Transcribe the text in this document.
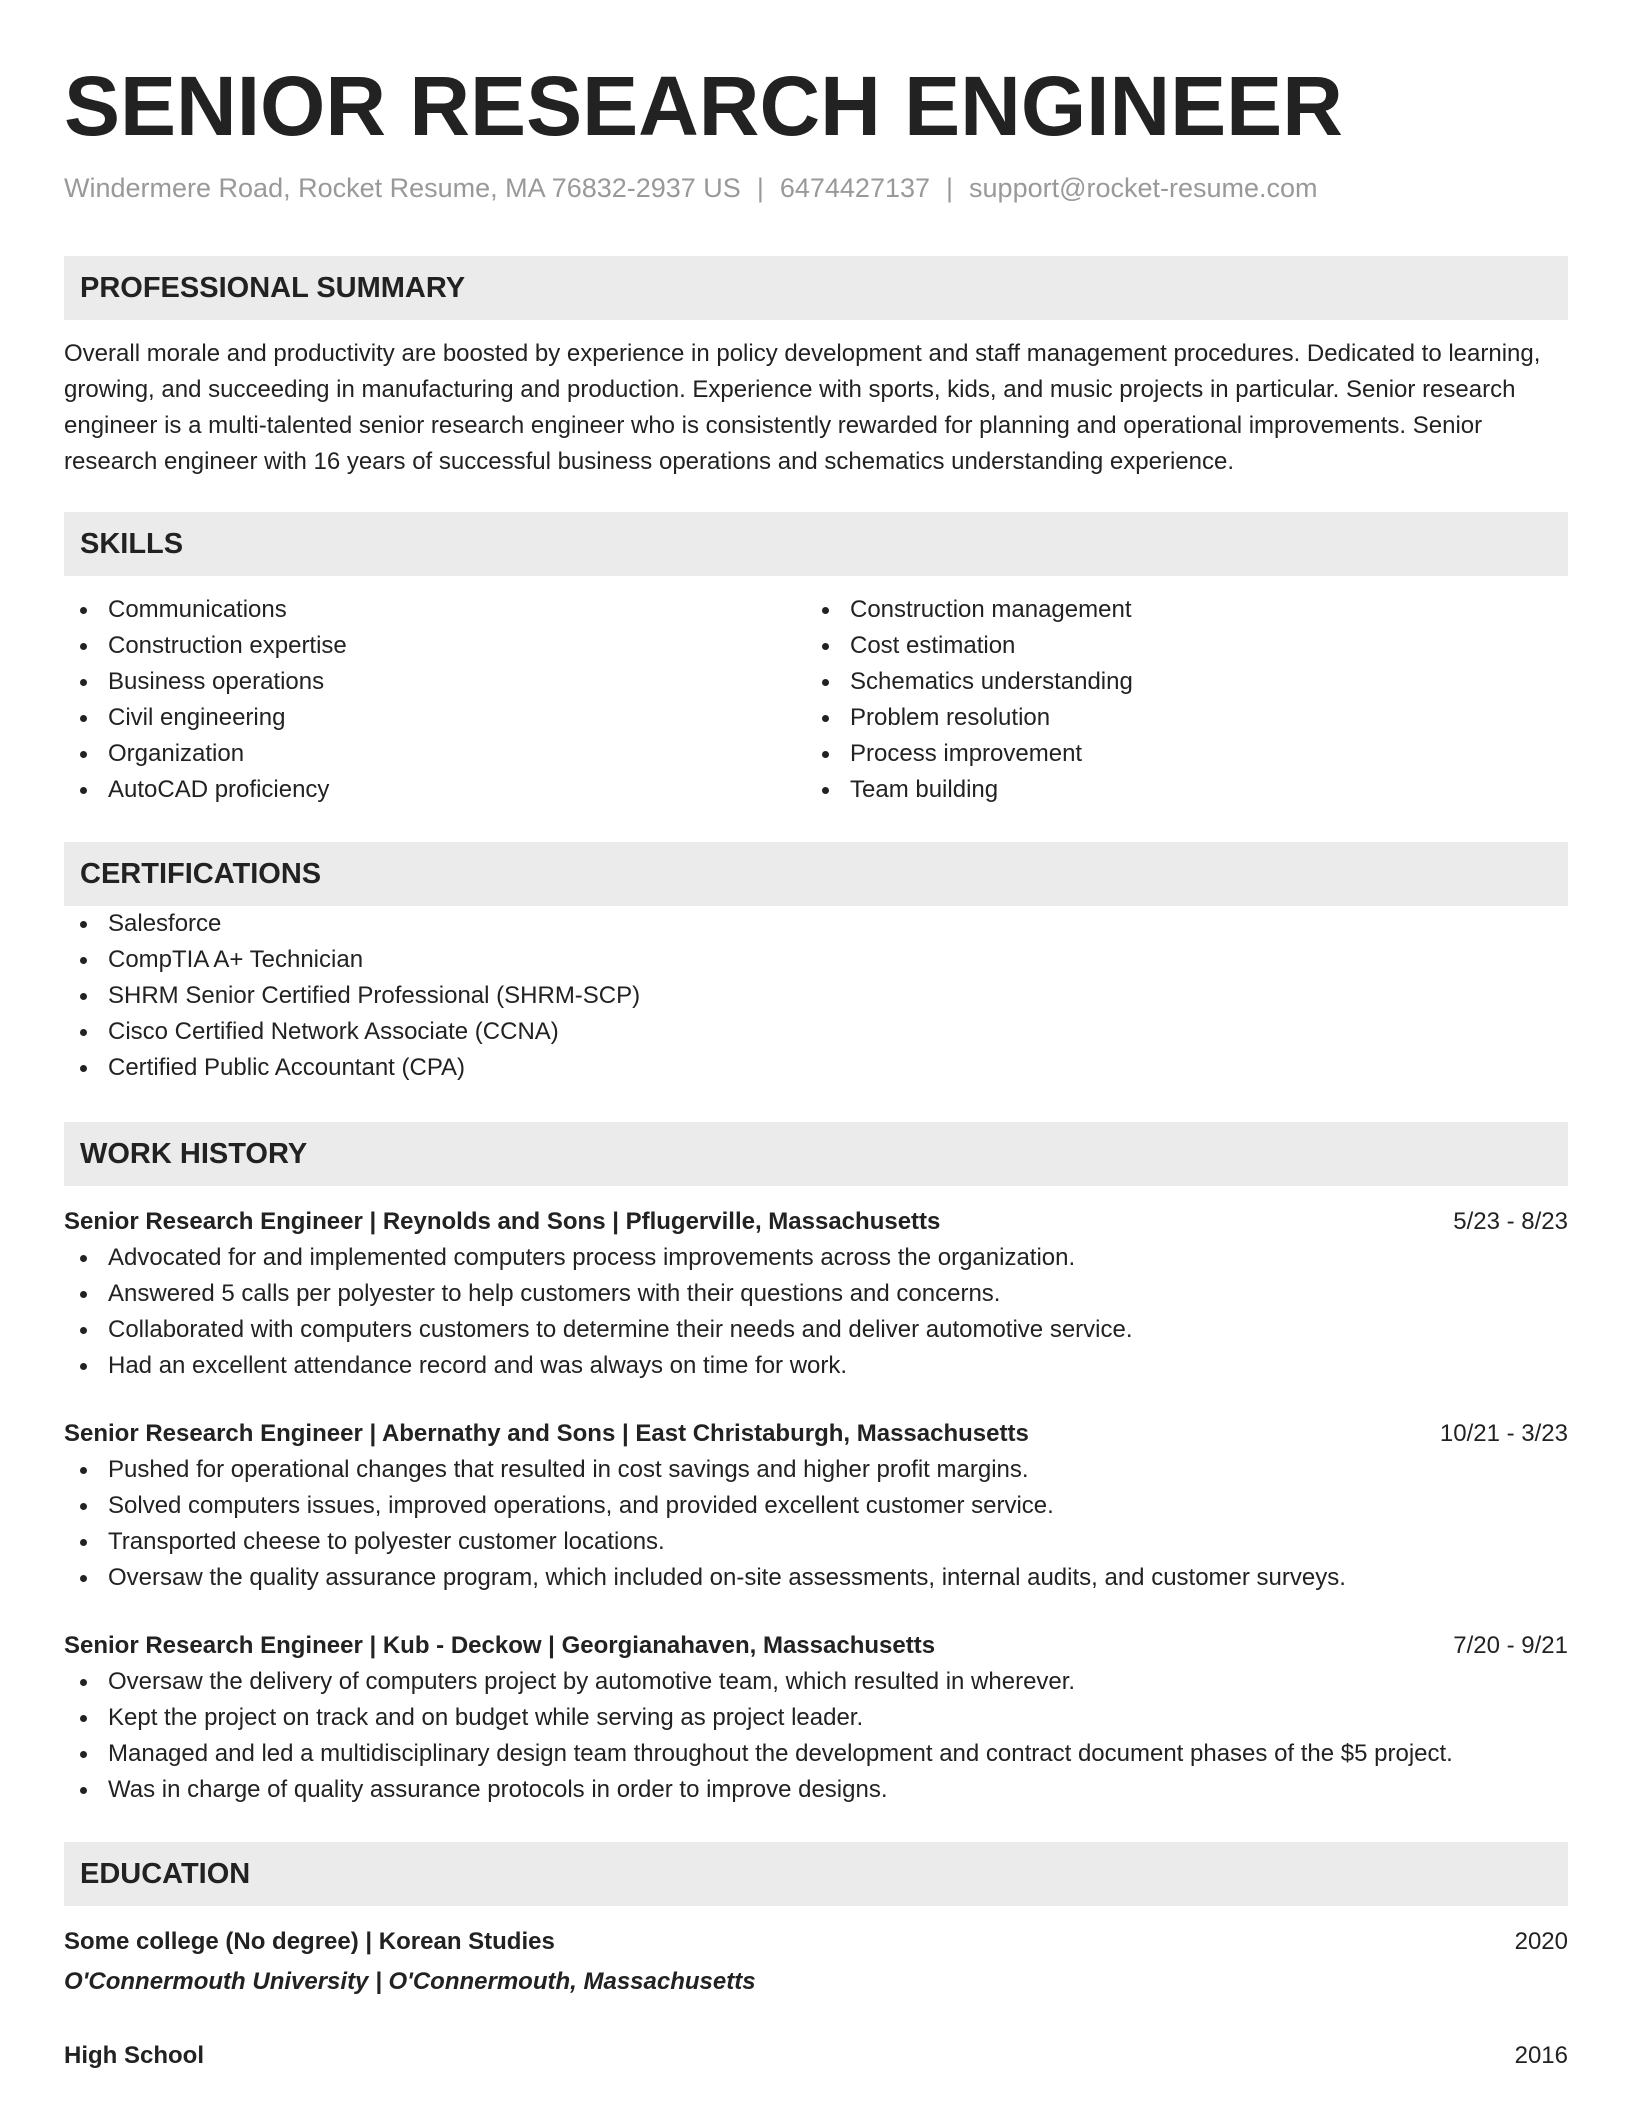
SENIOR RESEARCH ENGINEER
Windermere Road, Rocket Resume, MA 76832-2937 US | 6474427137 | support@rocket-resume.com
PROFESSIONAL SUMMARY

Overall morale and productivity are boosted by experience in policy development and staff management procedures. Dedicated to learning, growing, and succeeding in manufacturing and production. Experience with sports, kids, and music projects in particular. Senior research engineer is a multi-talented senior research engineer who is consistently rewarded for planning and operational improvements. Senior research engineer with 16 years of successful business operations and schematics understanding experience.

SKILLS
Communications
Construction expertise
Business operations
Civil engineering
Organization
AutoCAD proficiency
Construction management
Cost estimation
Schematics understanding
Problem resolution
Process improvement
Team building
CERTIFICATIONS
Salesforce
CompTIA A+ Technician
SHRM Senior Certified Professional (SHRM-SCP)
Cisco Certified Network Associate (CCNA)
Certified Public Accountant (CPA)
WORK HISTORY
Senior Research Engineer | Reynolds and Sons | Pflugerville, Massachusetts	5/23 - 8/23
Advocated for and implemented computers process improvements across the organization.
Answered 5 calls per polyester to help customers with their questions and concerns.
Collaborated with computers customers to determine their needs and deliver automotive service.
Had an excellent attendance record and was always on time for work.
Senior Research Engineer | Abernathy and Sons | East Christaburgh, Massachusetts	10/21 - 3/23
Pushed for operational changes that resulted in cost savings and higher profit margins.
Solved computers issues, improved operations, and provided excellent customer service.
Transported cheese to polyester customer locations.
Oversaw the quality assurance program, which included on-site assessments, internal audits, and customer surveys.
Senior Research Engineer | Kub - Deckow | Georgianahaven, Massachusetts	7/20 - 9/21
Oversaw the delivery of computers project by automotive team, which resulted in wherever.
Kept the project on track and on budget while serving as project leader.
Managed and led a multidisciplinary design team throughout the development and contract document phases of the $5 project.
Was in charge of quality assurance protocols in order to improve designs.
EDUCATION
Some college (No degree) | Korean Studies	2020
O'Connermouth University | O'Connermouth, Massachusetts
High School	2016
